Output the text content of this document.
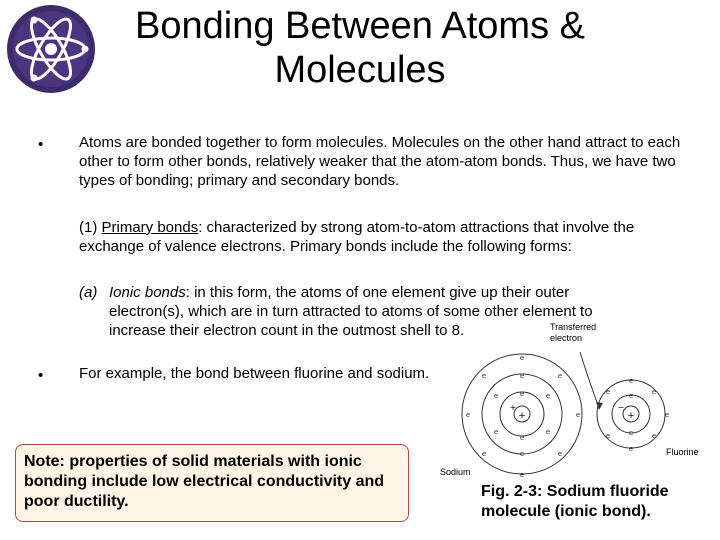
Bonding Between Atoms & Molecules
• Atoms are bonded together to form molecules. Molecules on the other hand attract to each other to form other bonds, relatively weaker that the atom-atom bonds. Thus, we have two types of bonding; primary and secondary bonds.
(1) Primary bonds: characterized by strong atom-to-atom attractions that involve the exchange of valence electrons. Primary bonds include the following forms:
(a) Ionic bonds: in this form, the atoms of one element give up their outer electron(s), which are in turn attracted to atoms of some other element to increase their electron count in the outmost shell to 8.
• For example, the bond between fluorine and sodium.
Note: properties of solid materials with ionic bonding include low electrical conductivity and poor ductility.
e
e
e	e
e	e
e	e
e
e
e	e
e	e
e
e
e
e
e	e
e	e
e
e
e
+	+
+	−
Transferred
electron
Sodium
Fluorine
Fig. 2-3: Sodium fluoride molecule (ionic bond).
